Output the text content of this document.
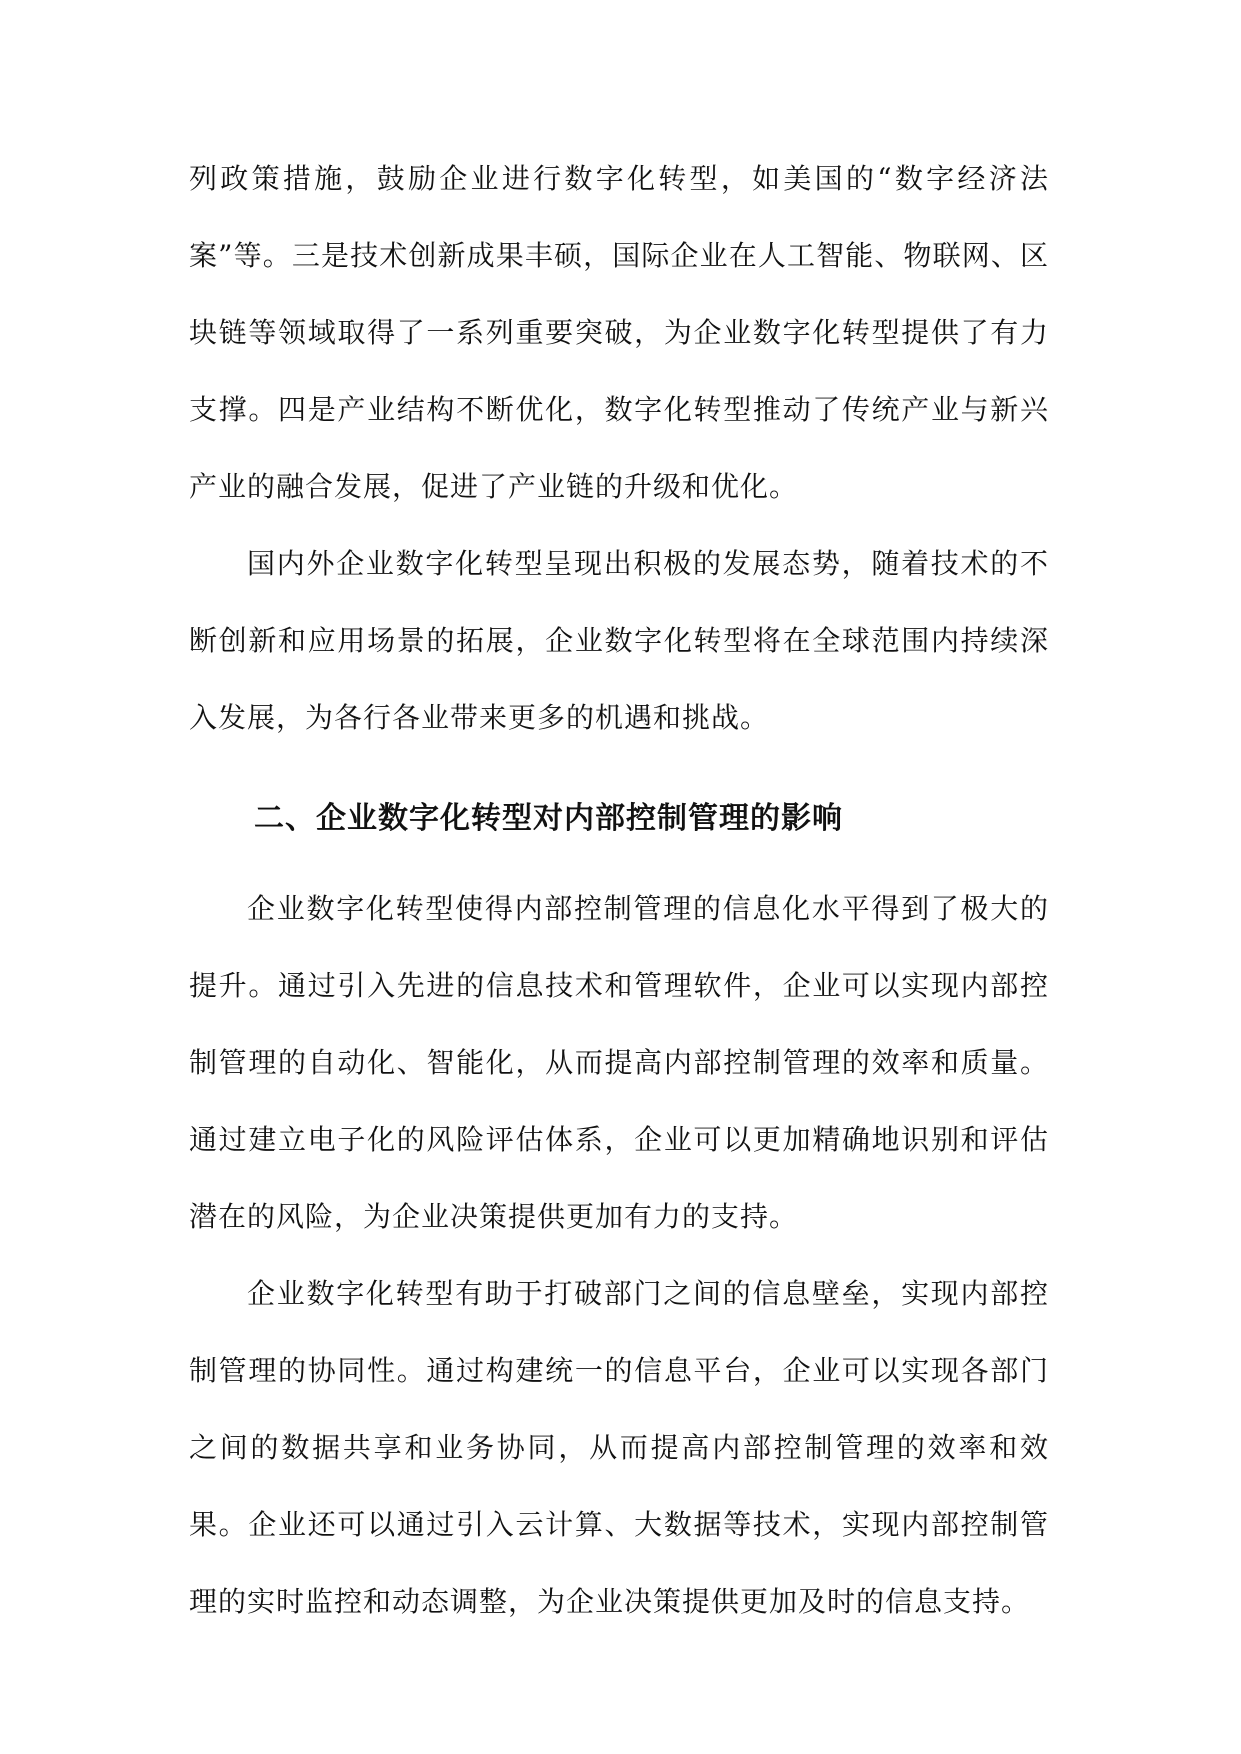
列政策措施，鼓励企业进行数字化转型，如美国的“数字经济法案”等。三是技术创新成果丰硕，国际企业在人工智能、物联网、区块链等领域取得了一系列重要突破，为企业数字化转型提供了有力支撑。四是产业结构不断优化，数字化转型推动了传统产业与新兴产业的融合发展，促进了产业链的升级和优化。

国内外企业数字化转型呈现出积极的发展态势，随着技术的不断创新和应用场景的拓展，企业数字化转型将在全球范围内持续深入发展，为各行各业带来更多的机遇和挑战。

二、企业数字化转型对内部控制管理的影响

企业数字化转型使得内部控制管理的信息化水平得到了极大的提升。通过引入先进的信息技术和管理软件，企业可以实现内部控制管理的自动化、智能化，从而提高内部控制管理的效率和质量。通过建立电子化的风险评估体系，企业可以更加精确地识别和评估潜在的风险，为企业决策提供更加有力的支持。

企业数字化转型有助于打破部门之间的信息壁垒，实现内部控制管理的协同性。通过构建统一的信息平台，企业可以实现各部门之间的数据共享和业务协同，从而提高内部控制管理的效率和效果。企业还可以通过引入云计算、大数据等技术，实现内部控制管理的实时监控和动态调整，为企业决策提供更加及时的信息支持。
